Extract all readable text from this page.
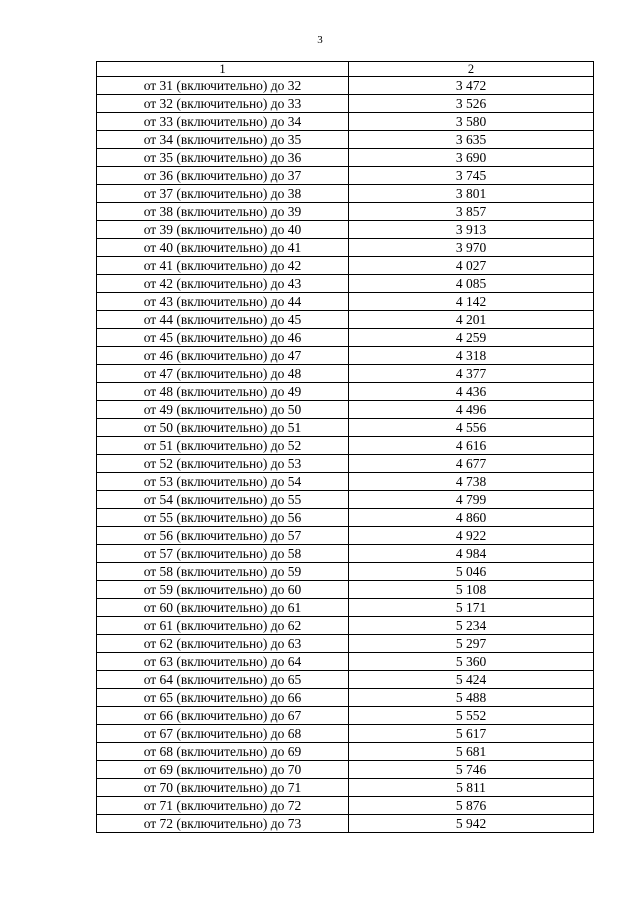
3
1	2
от 31 (включительно) до 32	3 472
от 32 (включительно) до 33	3 526
от 33 (включительно) до 34	3 580
от 34 (включительно) до 35	3 635
от 35 (включительно) до 36	3 690
от 36 (включительно) до 37	3 745
от 37 (включительно) до 38	3 801
от 38 (включительно) до 39	3 857
от 39 (включительно) до 40	3 913
от 40 (включительно) до 41	3 970
от 41 (включительно) до 42	4 027
от 42 (включительно) до 43	4 085
от 43 (включительно) до 44	4 142
от 44 (включительно) до 45	4 201
от 45 (включительно) до 46	4 259
от 46 (включительно) до 47	4 318
от 47 (включительно) до 48	4 377
от 48 (включительно) до 49	4 436
от 49 (включительно) до 50	4 496
от 50 (включительно) до 51	4 556
от 51 (включительно) до 52	4 616
от 52 (включительно) до 53	4 677
от 53 (включительно) до 54	4 738
от 54 (включительно) до 55	4 799
от 55 (включительно) до 56	4 860
от 56 (включительно) до 57	4 922
от 57 (включительно) до 58	4 984
от 58 (включительно) до 59	5 046
от 59 (включительно) до 60	5 108
от 60 (включительно) до 61	5 171
от 61 (включительно) до 62	5 234
от 62 (включительно) до 63	5 297
от 63 (включительно) до 64	5 360
от 64 (включительно) до 65	5 424
от 65 (включительно) до 66	5 488
от 66 (включительно) до 67	5 552
от 67 (включительно) до 68	5 617
от 68 (включительно) до 69	5 681
от 69 (включительно) до 70	5 746
от 70 (включительно) до 71	5 811
от 71 (включительно) до 72	5 876
от 72 (включительно) до 73	5 942
